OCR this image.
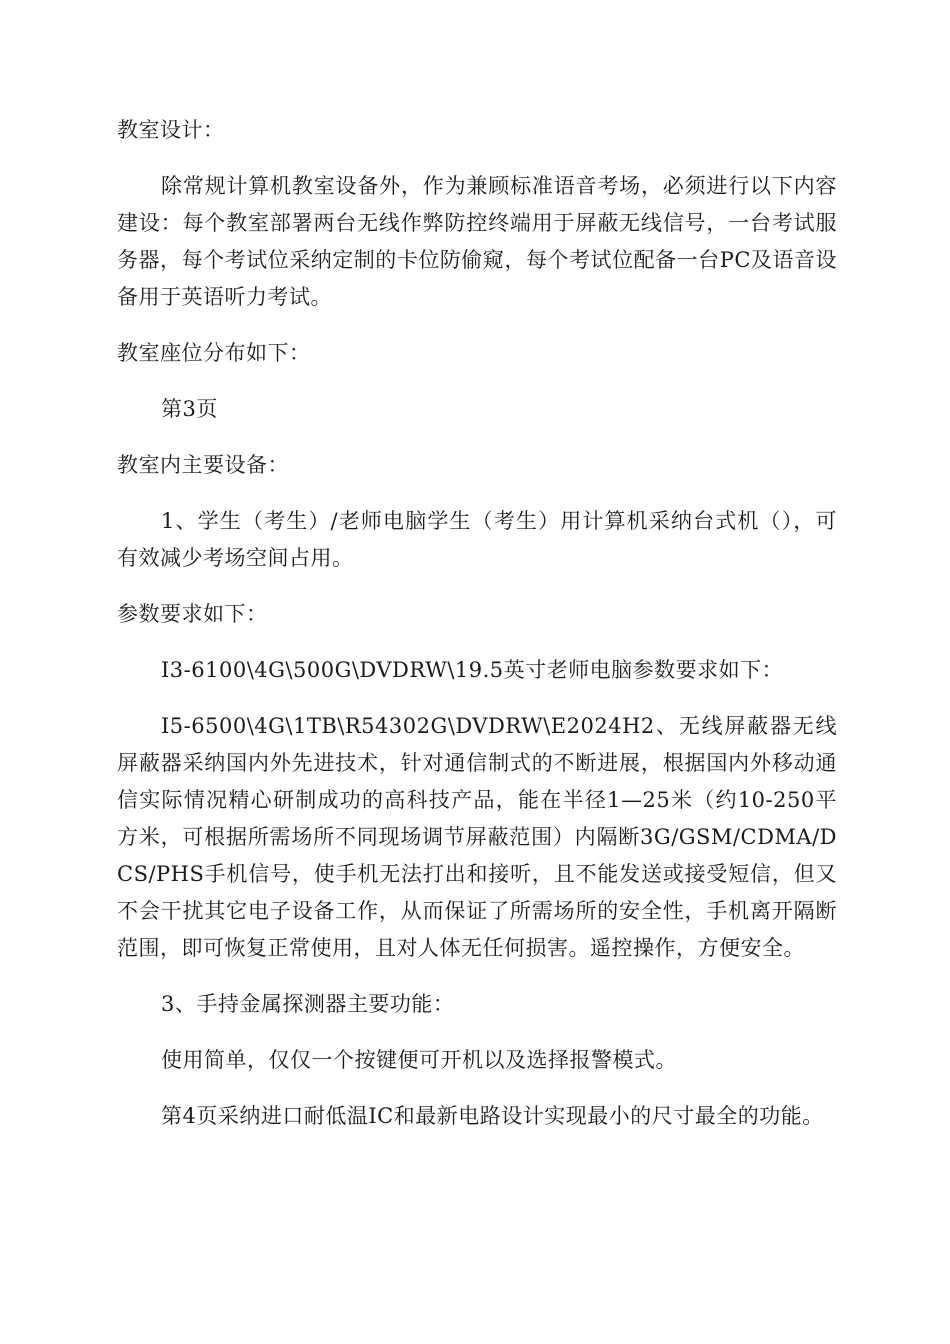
教室设计：

除常规计算机教室设备外，作为兼顾标准语音考场，必须进行以下内容建设：每个教室部署两台无线作弊防控终端用于屏蔽无线信号，一台考试服务器，每个考试位采纳定制的卡位防偷窥，每个考试位配备一台PC及语音设备用于英语听力考试。

教室座位分布如下：

第3页

教室内主要设备：

1、学生（考生）/老师电脑学生（考生）用计算机采纳台式机（），可有效减少考场空间占用。

参数要求如下：

I3-6100\4G\500G\DVDRW\19.5英寸老师电脑参数要求如下：

I5-6500\4G\1TB\R54302G\DVDRW\E2024H2、无线屏蔽器无线屏蔽器采纳国内外先进技术，针对通信制式的不断进展，根据国内外移动通信实际情况精心研制成功的高科技产品，能在半径1—25米（约10-250平方米，可根据所需场所不同现场调节屏蔽范围）内隔断3G/GSM/CDMA/DCS/PHS手机信号，使手机无法打出和接听，且不能发送或接受短信，但又不会干扰其它电子设备工作，从而保证了所需场所的安全性，手机离开隔断范围，即可恢复正常使用，且对人体无任何损害。遥控操作，方便安全。

3、手持金属探测器主要功能：

使用简单，仅仅一个按键便可开机以及选择报警模式。

第4页采纳进口耐低温IC和最新电路设计实现最小的尺寸最全的功能。
